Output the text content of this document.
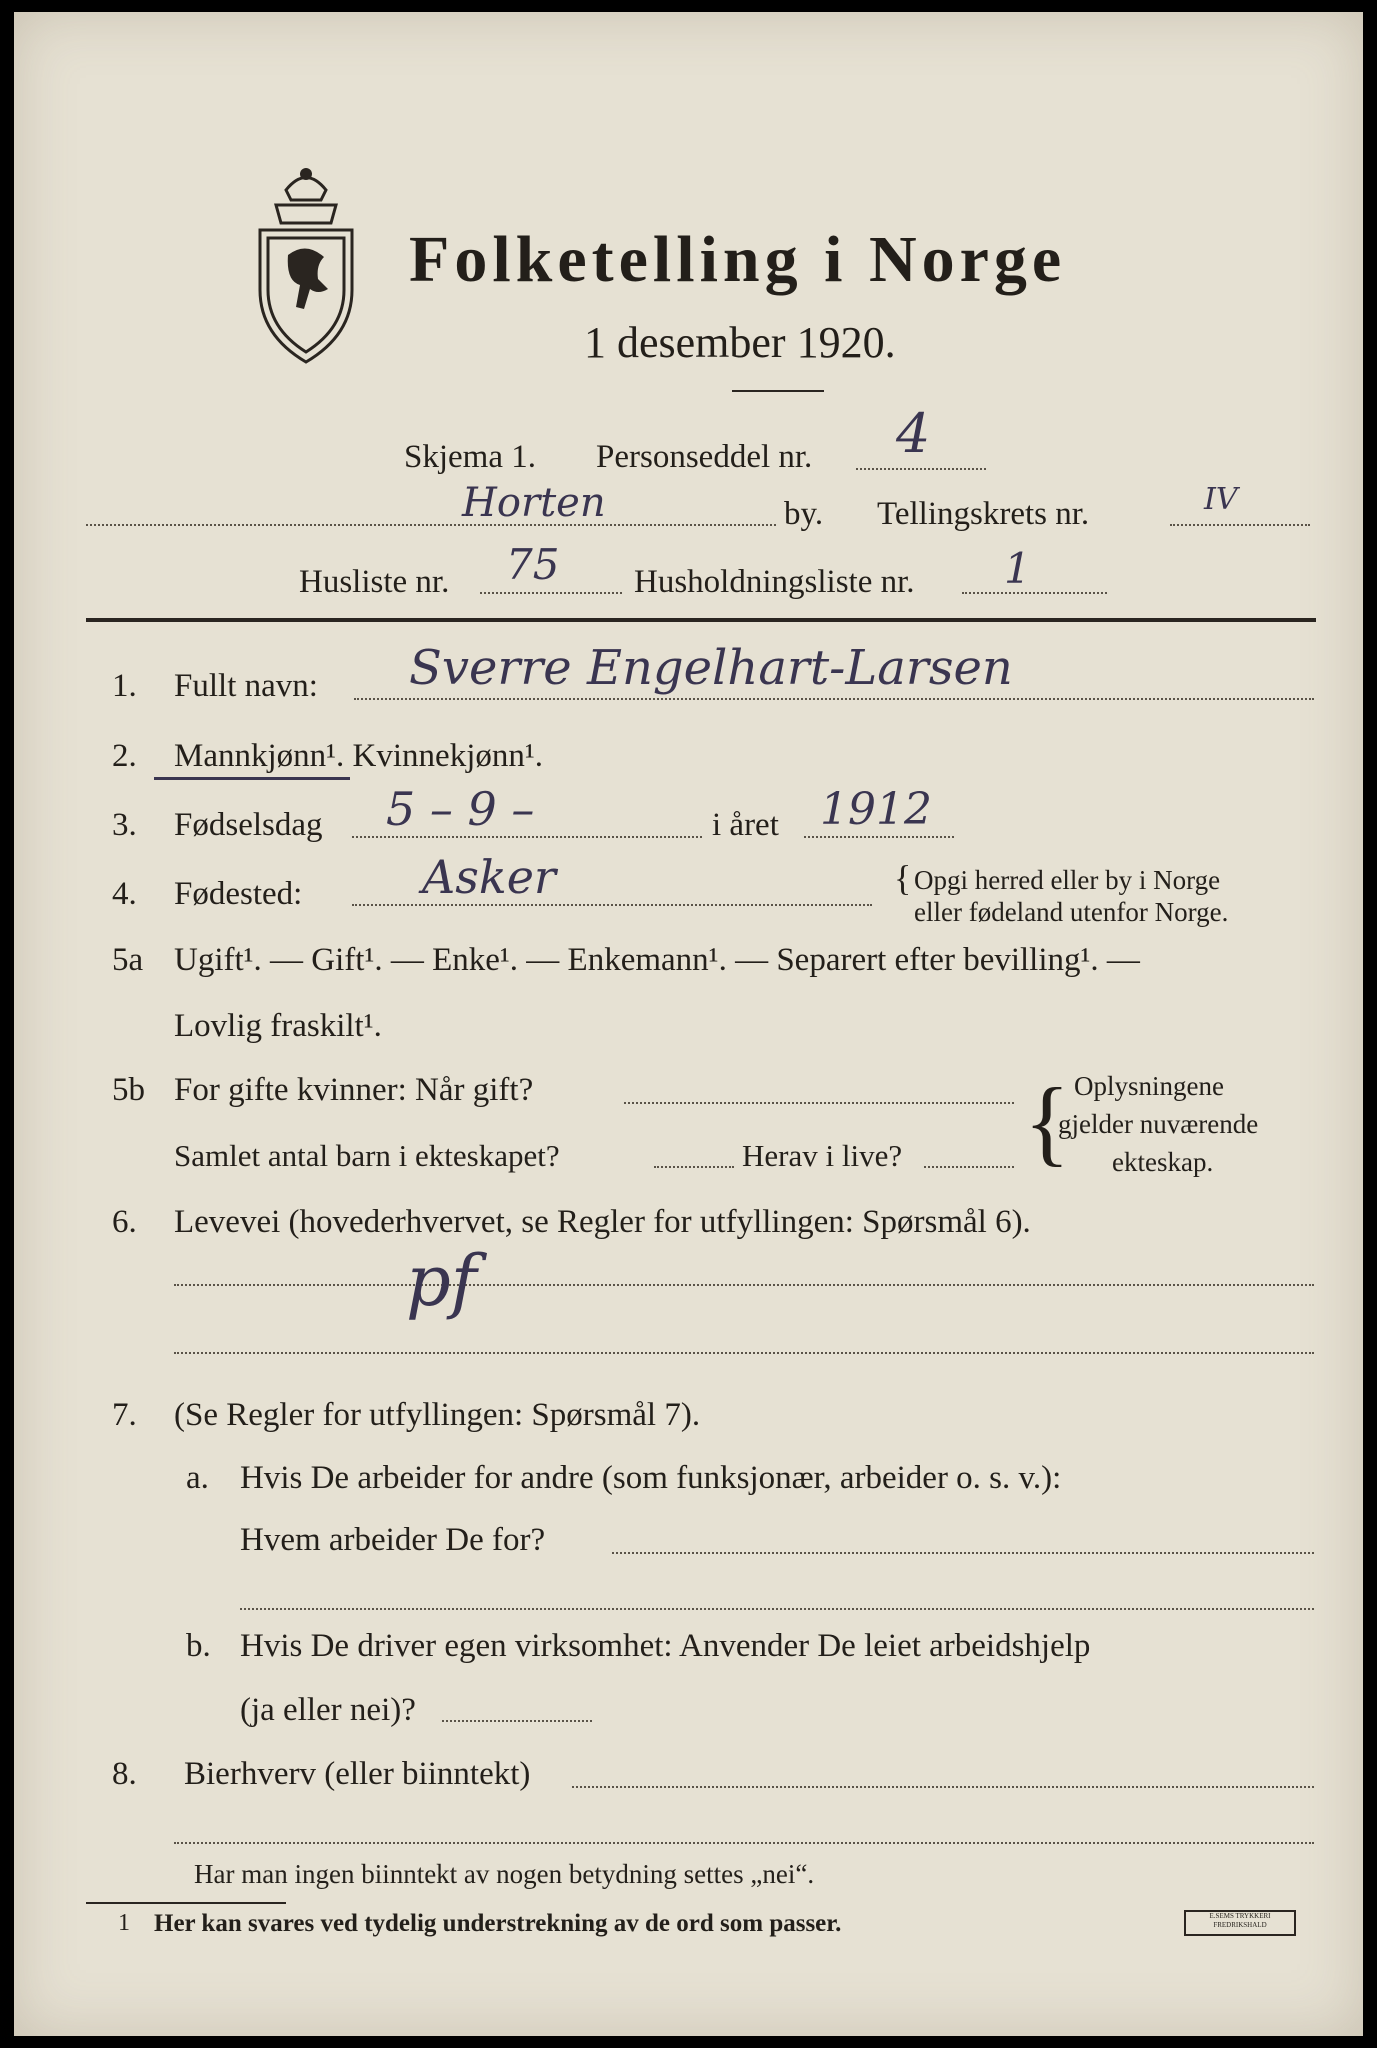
Folketelling i Norge
1 desember 1920.
Skjema 1. Personseddel nr. 4
Horten	by. Tellingskrets nr.	IV
Husliste nr. 75 Husholdningsliste nr. 1
1. Fullt navn: Sverre Engelhart-Larsen
2. Mannkjønn¹. Kvinnekjønn¹.
3. Fødselsdag 5 – 9 –	i året 1912
4. Fødested:	Asker	{ Opgi herred eller by i Norge
eller fødeland utenfor Norge.
5a Ugift¹. — Gift¹. — Enke¹. — Enkemann¹. — Separert efter bevilling¹. —
Lovlig fraskilt¹.
5b For gifte kvinner: Når gift?
Samlet antal barn i ekteskapet?	Herav i live? { Oplysningene
gjelder nuværende
ekteskap.
6. Levevei (hovederhvervet, se Regler for utfyllingen: Spørsmål 6).
pf
7. (Se Regler for utfyllingen: Spørsmål 7).
a. Hvis De arbeider for andre (som funksjonær, arbeider o. s. v.):
Hvem arbeider De for?
b. Hvis De driver egen virksomhet: Anvender De leiet arbeidshjelp
(ja eller nei)?
8. Bierhverv (eller biinntekt)
Har man ingen biinntekt av nogen betydning settes „nei“.
1 Her kan svares ved tydelig understrekning av de ord som passer.	E.SEMS TRYKKERI FREDRIKSHALD
